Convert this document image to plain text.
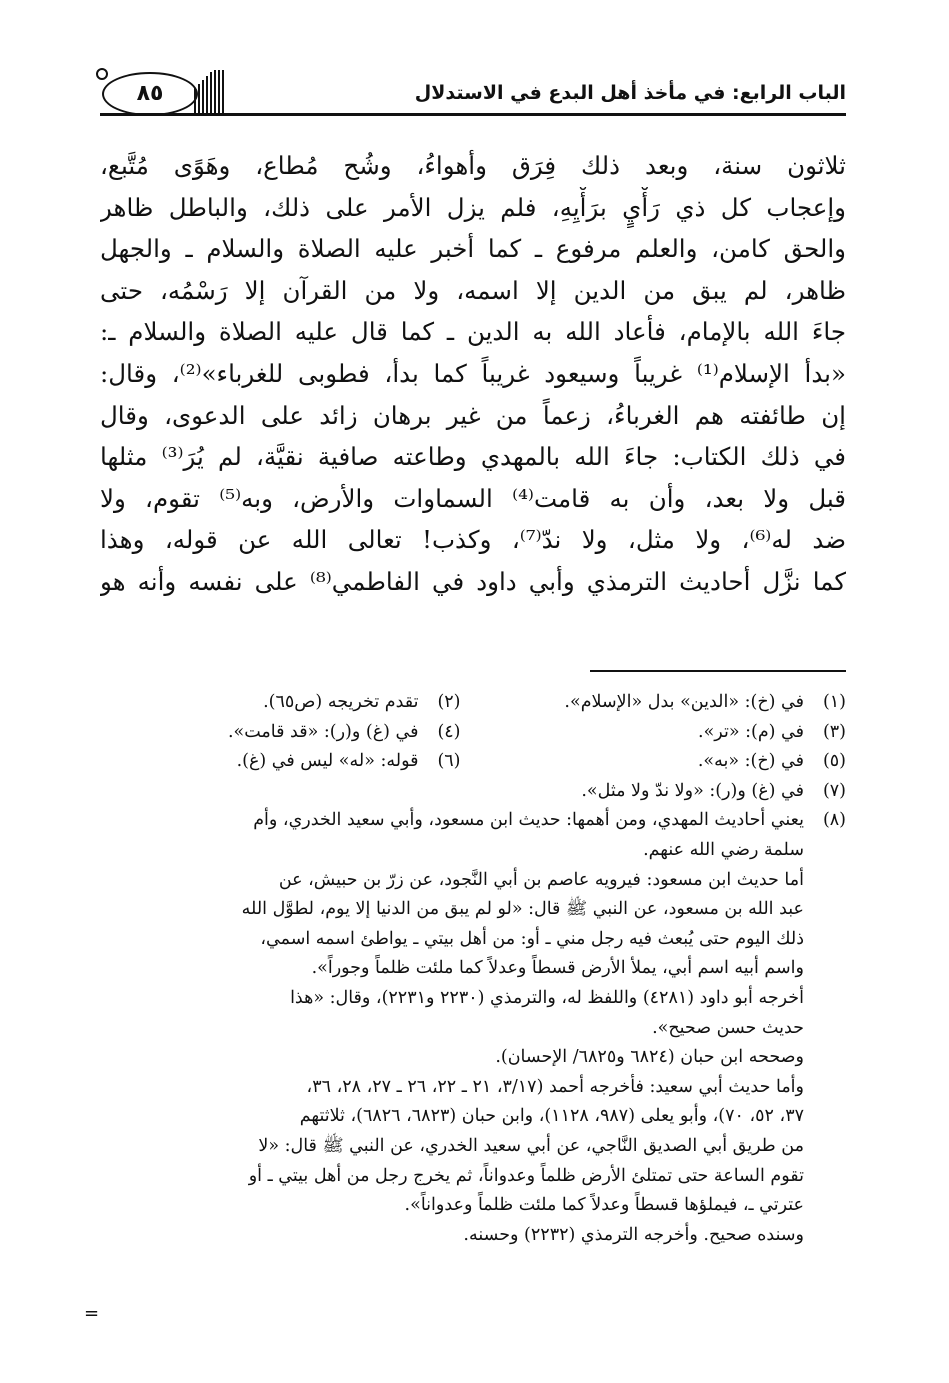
٨٥	الباب الرابع: في مأخذ أهل البدع في الاستدلال
ثلاثون سنة، وبعد ذلك فِرَق وأهواءُ، وشُح مُطاع، وهَوًى مُتَّبع،
وإعجاب كل ذي رَأْيٍ برَأْيِهِ، فلم يزل الأمر على ذلك، والباطل ظاهر
والحق كامن، والعلم مرفوع ـ كما أخبر عليه الصلاة والسلام ـ والجهل
ظاهر، لم يبق من الدين إلا اسمه، ولا من القرآن إلا رَسْمُه، حتى
جاءَ الله بالإمام، فأعاد الله به الدين ـ كما قال عليه الصلاة والسلام ـ:
«بدأ الإسلام⁽¹⁾ غريباً وسيعود غريباً كما بدأ، فطوبى للغرباء»⁽²⁾، وقال:
إن طائفته هم الغرباءُ، زعماً من غير برهان زائد على الدعوى، وقال
في ذلك الكتاب: جاءَ الله بالمهدي وطاعته صافية نقيَّة، لم يُرَ⁽³⁾ مثلها
قبل ولا بعد، وأن به قامت⁽⁴⁾ السماوات والأرض، وبه⁽⁵⁾ تقوم، ولا
ضد له⁽⁶⁾، ولا مثل، ولا ندّ⁽⁷⁾، وكذب! تعالى الله عن قوله، وهذا
كما نزَّل أحاديث الترمذي وأبي داود في الفاطمي⁽⁸⁾ على نفسه وأنه هو
(١)
في (خ): «الدين» بدل «الإسلام».
(٢)
تقدم تخريجه (ص٦٥).
(٣)
في (م): «تر».
(٤)
في (غ) و(ر): «قد قامت».
(٥)
في (خ): «به».
(٦)
قوله: «له» ليس في (غ).
(٧)
في (غ) و(ر): «ولا ندّ ولا مثل».
(٨)
يعني أحاديث المهدي، ومن أهمها: حديث ابن مسعود، وأبي سعيد الخدري، وأم
سلمة رضي الله عنهم.
أما حديث ابن مسعود: فيرويه عاصم بن أبي النَّجود، عن زرّ بن حبيش، عن
عبد الله بن مسعود، عن النبي ﷺ قال: «لو لم يبق من الدنيا إلا يوم، لطوَّل الله
ذلك اليوم حتى يُبعث فيه رجل مني ـ أو: من أهل بيتي ـ يواطئ اسمه اسمي،
واسم أبيه اسم أبي، يملأ الأرض قسطاً وعدلاً كما ملئت ظلماً وجوراً».
أخرجه أبو داود (٤٢٨١) واللفظ له، والترمذي (٢٢٣٠ و٢٢٣١)، وقال: «هذا
حديث حسن صحيح».
وصححه ابن حبان (٦٨٢٤ و٦٨٢٥/ الإحسان).
وأما حديث أبي سعيد: فأخرجه أحمد (٣/١٧، ٢١ ـ ٢٢، ٢٦ ـ ٢٧، ٢٨، ٣٦،
٣٧، ٥٢، ٧٠)، وأبو يعلى (٩٨٧، ١١٢٨)، وابن حبان (٦٨٢٣، ٦٨٢٦)، ثلاثتهم
من طريق أبي الصديق النَّاجي، عن أبي سعيد الخدري، عن النبي ﷺ قال: «لا
تقوم الساعة حتى تمتلئ الأرض ظلماً وعدواناً، ثم يخرج رجل من أهل بيتي ـ أو
عترتي ـ، فيملؤها قسطاً وعدلاً كما ملئت ظلماً وعدواناً».
وسنده صحيح. وأخرجه الترمذي (٢٢٣٢) وحسنه.
=
